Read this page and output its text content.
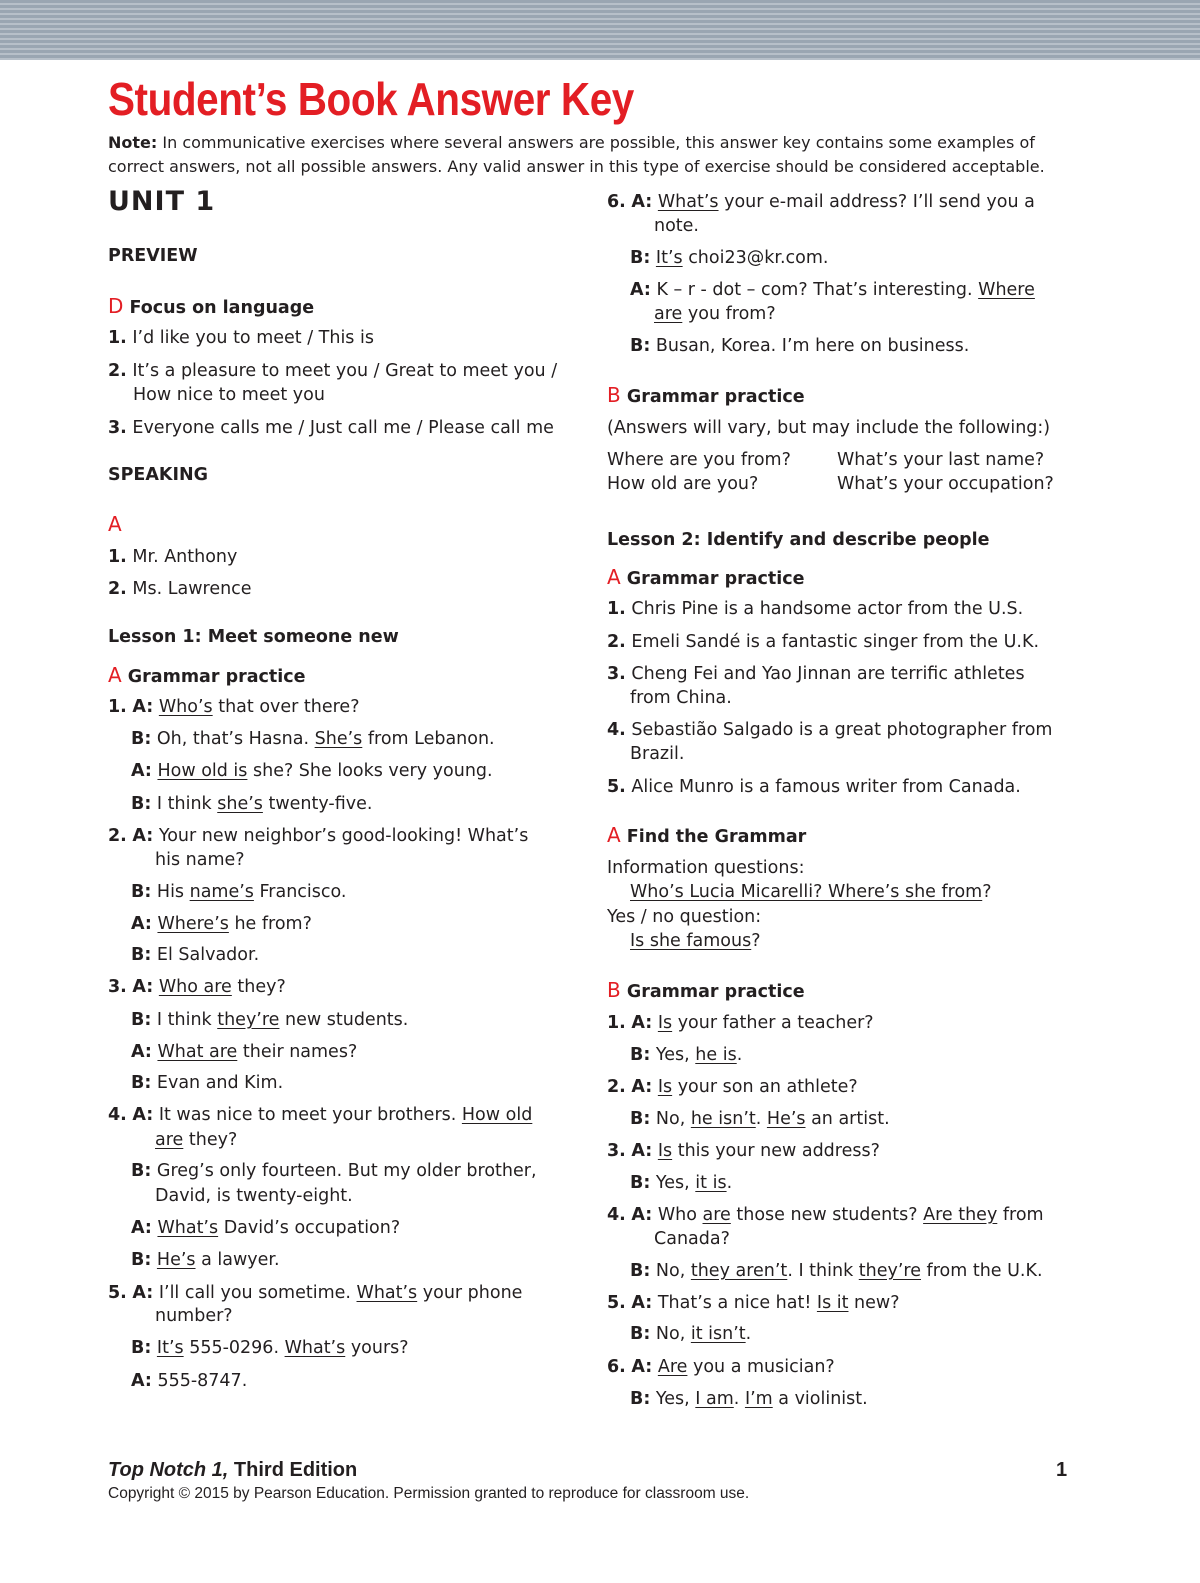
Student’s Book Answer Key

Note: In communicative exercises where several answers are possible, this answer key contains some examples of correct answers, not all possible answers. Any valid answer in this type of exercise should be considered acceptable.

UNIT 1
PREVIEW
D Focus on language
1. I’d like you to meet / This is
2. It’s a pleasure to meet you / Great to meet you /
How nice to meet you
3. Everyone calls me / Just call me / Please call me
SPEAKING
A
1. Mr. Anthony
2. Ms. Lawrence
Lesson 1: Meet someone new
A Grammar practice
1. A: Who’s that over there?
B: Oh, that’s Hasna. She’s from Lebanon.
A: How old is she? She looks very young.
B: I think she’s twenty-five.
2. A: Your new neighbor’s good-looking! What’s
his name?
B: His name’s Francisco.
A: Where’s he from?
B: El Salvador.
3. A: Who are they?
B: I think they’re new students.
A: What are their names?
B: Evan and Kim.
4. A: It was nice to meet your brothers. How old
are they?
B: Greg’s only fourteen. But my older brother,
David, is twenty-eight.
A: What’s David’s occupation?
B: He’s a lawyer.
5. A: I’ll call you sometime. What’s your phone
number?
B: It’s 555-0296. What’s yours?
A: 555-8747.
6. A: What’s your e-mail address? I’ll send you a
note.
B: It’s choi23@kr.com.
A: K – r - dot – com? That’s interesting. Where
are you from?
B: Busan, Korea. I’m here on business.
B Grammar practice
(Answers will vary, but may include the following:)
Where are you from?	What’s your last name?
How old are you?	What’s your occupation?
Lesson 2: Identify and describe people
A Grammar practice
1. Chris Pine is a handsome actor from the U.S.
2. Emeli Sandé is a fantastic singer from the U.K.
3. Cheng Fei and Yao Jinnan are terrific athletes
from China.
4. Sebastião Salgado is a great photographer from
Brazil.
5. Alice Munro is a famous writer from Canada.
A Find the Grammar
Information questions:
Who’s Lucia Micarelli? Where’s she from?
Yes / no question:
Is she famous?
B Grammar practice
1. A: Is your father a teacher?
B: Yes, he is.
2. A: Is your son an athlete?
B: No, he isn’t. He’s an artist.
3. A: Is this your new address?
B: Yes, it is.
4. A: Who are those new students? Are they from
Canada?
B: No, they aren’t. I think they’re from the U.K.
5. A: That’s a nice hat! Is it new?
B: No, it isn’t.
6. A: Are you a musician?
B: Yes, I am. I’m a violinist.
Top Notch 1, Third Edition	1
Copyright © 2015 by Pearson Education. Permission granted to reproduce for classroom use.
